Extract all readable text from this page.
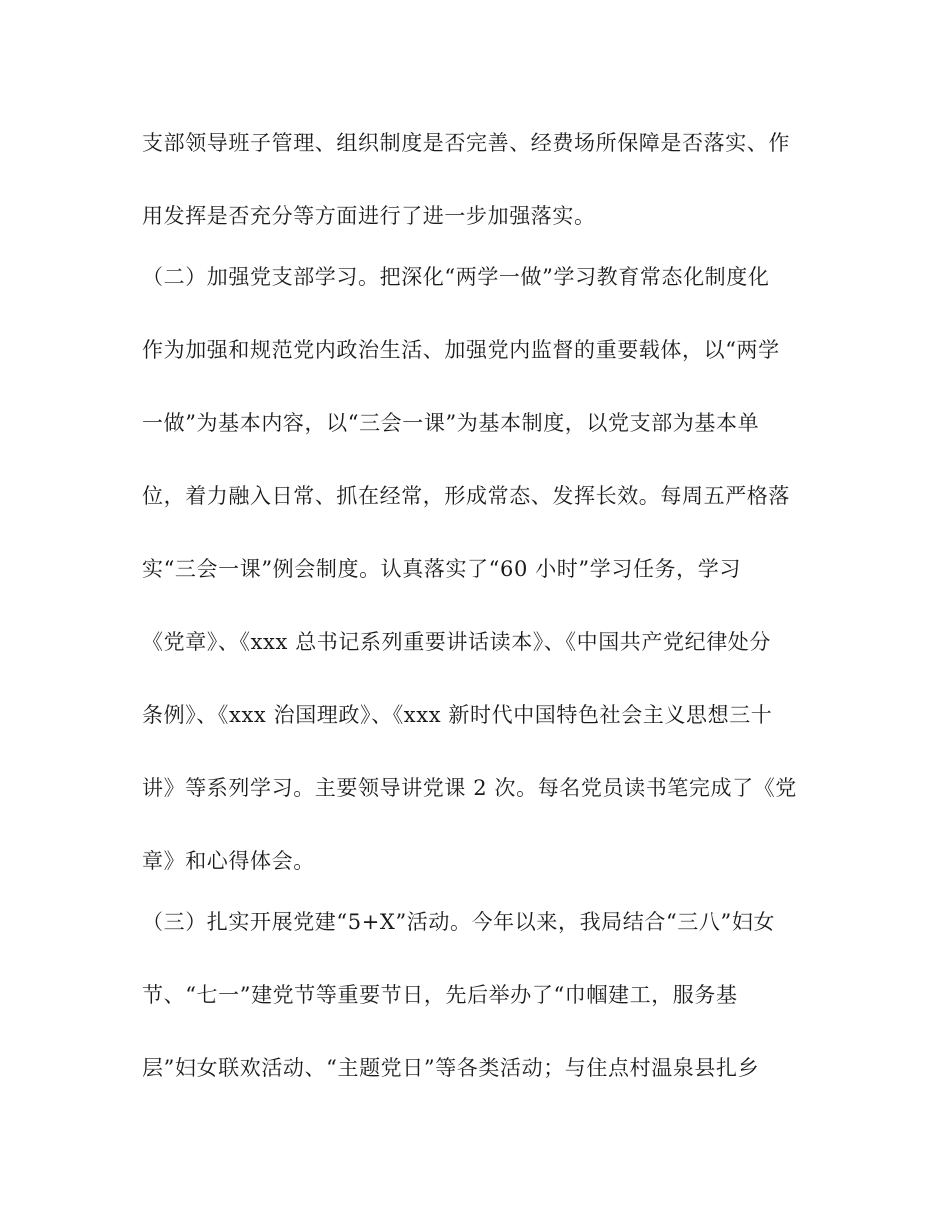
支部领导班子管理、组织制度是否完善、经费场所保障是否落实、作

用发挥是否充分等方面进行了进一步加强落实。

（二）加强党支部学习。把深化“两学一做”学习教育常态化制度化

作为加强和规范党内政治生活、加强党内监督的重要载体，以“两学

一做”为基本内容，以“三会一课”为基本制度，以党支部为基本单

位，着力融入日常、抓在经常，形成常态、发挥长效。每周五严格落

实“三会一课”例会制度。认真落实了“60 小时”学习任务，学习

《党章》、《xxx 总书记系列重要讲话读本》、《中国共产党纪律处分

条例》、《xxx 治国理政》、《xxx 新时代中国特色社会主义思想三十

讲》等系列学习。主要领导讲党课 2 次。每名党员读书笔完成了《党

章》和心得体会。

（三）扎实开展党建“5+X”活动。今年以来，我局结合“三八”妇女

节、“七一”建党节等重要节日，先后举办了“巾帼建工，服务基

层”妇女联欢活动、“主题党日”等各类活动；与住点村温泉县扎乡
